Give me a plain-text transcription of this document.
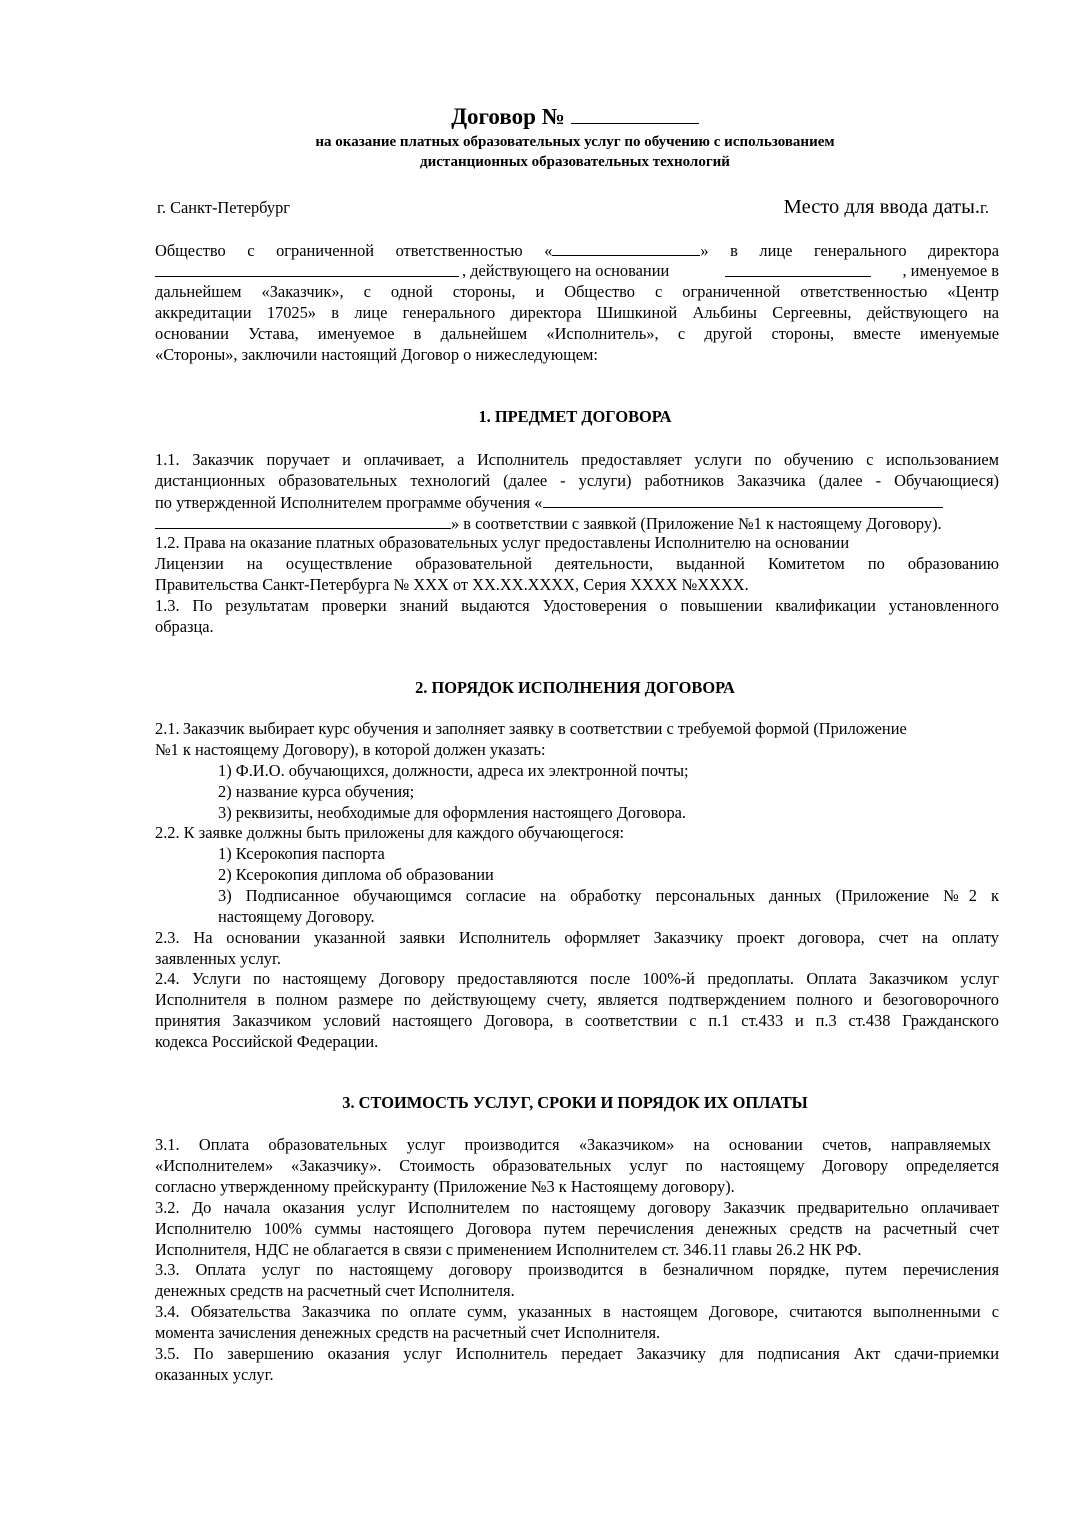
Договор №
на оказание платных образовательных услуг по обучению с использованием
дистанционных образовательных технологий
г. Санкт-Петербург	Место для ввода даты.г.
Общество с ограниченной ответственностью «	» в лице генерального директора
, действующего на основании	, именуемое в
дальнейшем «Заказчик», с одной стороны, и Общество с ограниченной ответственностью «Центр
аккредитации 17025» в лице генерального директора Шишкиной Альбины Сергеевны, действующего на
основании Устава, именуемое в дальнейшем «Исполнитель», с другой стороны, вместе именуемые
«Стороны», заключили настоящий Договор о нижеследующем:
1. ПРЕДМЕТ ДОГОВОРА
1.1. Заказчик поручает и оплачивает, а Исполнитель предоставляет услуги по обучению с использованием
дистанционных образовательных технологий (далее - услуги) работников Заказчика (далее - Обучающиеся)
по утвержденной Исполнителем программе обучения «
» в соответствии с заявкой (Приложение №1 к настоящему Договору).
1.2. Права на оказание платных образовательных услуг предоставлены Исполнителю на основании
Лицензии на осуществление образовательной деятельности, выданной Комитетом по образованию
Правительства Санкт-Петербурга № ХХХ от ХХ.ХХ.ХХХХ, Серия ХХХХ №ХХХХ.
1.3. По результатам проверки знаний выдаются Удостоверения о повышении квалификации установленного
образца.
2. ПОРЯДОК ИСПОЛНЕНИЯ ДОГОВОРА
2.1. Заказчик выбирает курс обучения и заполняет заявку в соответствии с требуемой формой (Приложение
№1 к настоящему Договору), в которой должен указать:
1) Ф.И.О. обучающихся, должности, адреса их электронной почты;
2) название курса обучения;
3) реквизиты, необходимые для оформления настоящего Договора.
2.2. К заявке должны быть приложены для каждого обучающегося:
1) Ксерокопия паспорта
2) Ксерокопия диплома об образовании
3) Подписанное обучающимся согласие на обработку персональных данных (Приложение №2 к
настоящему Договору.
2.3. На основании указанной заявки Исполнитель оформляет Заказчику проект договора, счет на оплату
заявленных услуг.
2.4. Услуги по настоящему Договору предоставляются после 100%-й предоплаты. Оплата Заказчиком услуг
Исполнителя в полном размере по действующему счету, является подтверждением полного и безоговорочного
принятия Заказчиком условий настоящего Договора, в соответствии с п.1 ст.433 и п.3 ст.438 Гражданского
кодекса Российской Федерации.
3. СТОИМОСТЬ УСЛУГ, СРОКИ И ПОРЯДОК ИХ ОПЛАТЫ
3.1. Оплата образовательных услуг производится «Заказчиком» на основании счетов, направляемых
«Исполнителем» «Заказчику». Стоимость образовательных услуг по настоящему Договору определяется
согласно утвержденному прейскуранту (Приложение №3 к Настоящему договору).
3.2. До начала оказания услуг Исполнителем по настоящему договору Заказчик предварительно оплачивает
Исполнителю 100% суммы настоящего Договора путем перечисления денежных средств на расчетный счет
Исполнителя, НДС не облагается в связи с применением Исполнителем ст. 346.11 главы 26.2 НК РФ.
3.3. Оплата услуг по настоящему договору производится в безналичном порядке, путем перечисления
денежных средств на расчетный счет Исполнителя.
3.4. Обязательства Заказчика по оплате сумм, указанных в настоящем Договоре, считаются выполненными с
момента зачисления денежных средств на расчетный счет Исполнителя.
3.5. По завершению оказания услуг Исполнитель передает Заказчику для подписания Акт сдачи-приемки
оказанных услуг.
